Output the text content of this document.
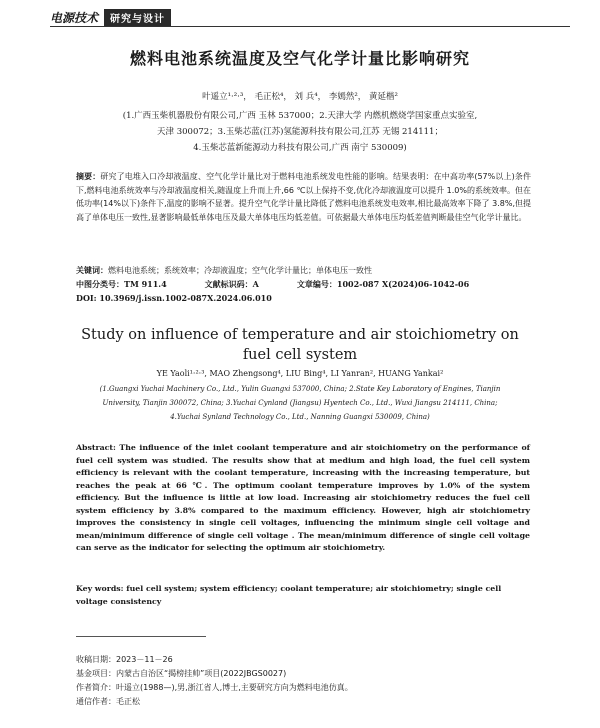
电源技术	研究与设计
燃料电池系统温度及空气化学计量比影响研究
叶遥立¹·²·³， 毛正松⁴， 刘 兵⁴， 李嫣然²， 黄延楷²
(1.广西玉柴机器股份有限公司,广西 玉林 537000；2.天津大学 内燃机燃烧学国家重点实验室,
天津 300072；3.玉柴芯蓝(江苏)氢能源科技有限公司,江苏 无锡 214111；
4.玉柴芯蓝新能源动力科技有限公司,广西 南宁 530009)
摘要：研究了电堆入口冷却液温度、空气化学计量比对于燃料电池系统发电性能的影响。结果表明：在中高功率(57%以上)条件下,燃料电池系统效率与冷却液温度相关,随温度上升而上升,66 ℃以上保持不变,优化冷却液温度可以提升 1.0%的系统效率。但在低功率(14%以下)条件下,温度的影响不显著。提升空气化学计量比降低了燃料电池系统发电效率,相比最高效率下降了 3.8%,但提高了单体电压一致性,显著影响最低单体电压及最大单体电压均低差值。可依据最大单体电压均低差值判断最佳空气化学计量比。
关键词：燃料电池系统；系统效率；冷却液温度；空气化学计量比；单体电压一致性
中图分类号：TM 911.4	文献标识码：A	文章编号：1002-087 X(2024)06-1042-06
DOI: 10.3969/j.issn.1002-087X.2024.06.010
Study on influence of temperature and air stoichiometry on
fuel cell system
YE Yaoli¹·²·³, MAO Zhengsong⁴, LIU Bing⁴, LI Yanran², HUANG Yankai²
(1.Guangxi Yuchai Machinery Co., Ltd., Yulin Guangxi 537000, China; 2.State Key Laboratory of Engines, Tianjin
University, Tianjin 300072, China; 3.Yuchai Cynland (Jiangsu) Hyentech Co., Ltd., Wuxi Jiangsu 214111, China;
4.Yuchai Synland Technology Co., Ltd., Nanning Guangxi 530009, China)
Abstract: The influence of the inlet coolant temperature and air stoichiometry on the performance of fuel cell system was studied. The results show that at medium and high load, the fuel cell system efficiency is relevant with the coolant temperature, increasing with the increasing temperature, but reaches the peak at 66 ℃. The optimum coolant temperature improves by 1.0% of the system efficiency. But the influence is little at low load. Increasing air stoichiometry reduces the fuel cell system efficiency by 3.8% compared to the maximum efficiency. However, high air stoichiometry improves the consistency in single cell voltages, influencing the minimum single cell voltage and mean/minimum difference of single cell voltage . The mean/minimum difference of single cell voltage can serve as the indicator for selecting the optimum air stoichiometry.
Key words: fuel cell system; system efficiency; coolant temperature; air stoichiometry; single cell voltage consistency
收稿日期：2023－11－26
基金项目：内蒙古自治区“揭榜挂帅”项目(2022JBGS0027)
作者简介：叶遥立(1988—),男,浙江省人,博士,主要研究方向为燃料电池仿真。
通信作者：毛正松
